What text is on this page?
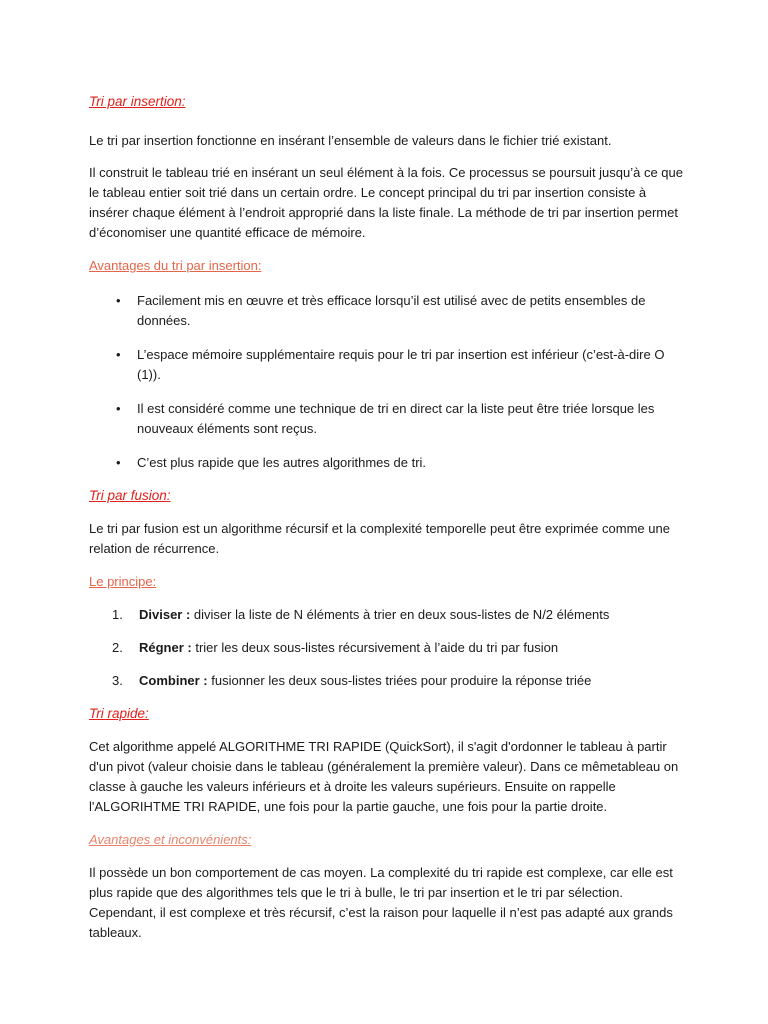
Tri par insertion:

Le tri par insertion fonctionne en insérant l’ensemble de valeurs dans le fichier trié existant.

Il construit le tableau trié en insérant un seul élément à la fois. Ce processus se poursuit jusqu’à ce que le tableau entier soit trié dans un certain ordre. Le concept principal du tri par insertion consiste à insérer chaque élément à l’endroit approprié dans la liste finale. La méthode de tri par insertion permet d’économiser une quantité efficace de mémoire.

Avantages du tri par insertion:

• Facilement mis en œuvre et très efficace lorsqu’il est utilisé avec de petits ensembles de données.
• L’espace mémoire supplémentaire requis pour le tri par insertion est inférieur (c’est-à-dire O (1)).
• Il est considéré comme une technique de tri en direct car la liste peut être triée lorsque les nouveaux éléments sont reçus.
• C’est plus rapide que les autres algorithmes de tri.

Tri par fusion:

Le tri par fusion est un algorithme récursif et la complexité temporelle peut être exprimée comme une relation de récurrence.

Le principe:

1. Diviser : diviser la liste de N éléments à trier en deux sous-listes de N/2 éléments
2. Régner : trier les deux sous-listes récursivement à l’aide du tri par fusion
3. Combiner : fusionner les deux sous-listes triées pour produire la réponse triée

Tri rapide:

Cet algorithme appelé ALGORITHME TRI RAPIDE (QuickSort), il s'agit d'ordonner le tableau à partir d'un pivot (valeur choisie dans le tableau (généralement la première valeur). Dans ce mêmetableau on classe à gauche les valeurs inférieurs et à droite les valeurs supérieurs. Ensuite on rappelle l'ALGORIHTME TRI RAPIDE, une fois pour la partie gauche, une fois pour la partie droite.

Avantages et inconvénients:

Il possède un bon comportement de cas moyen. La complexité du tri rapide est complexe, car elle est plus rapide que des algorithmes tels que le tri à bulle, le tri par insertion et le tri par sélection. Cependant, il est complexe et très récursif, c’est la raison pour laquelle il n’est pas adapté aux grands tableaux.
